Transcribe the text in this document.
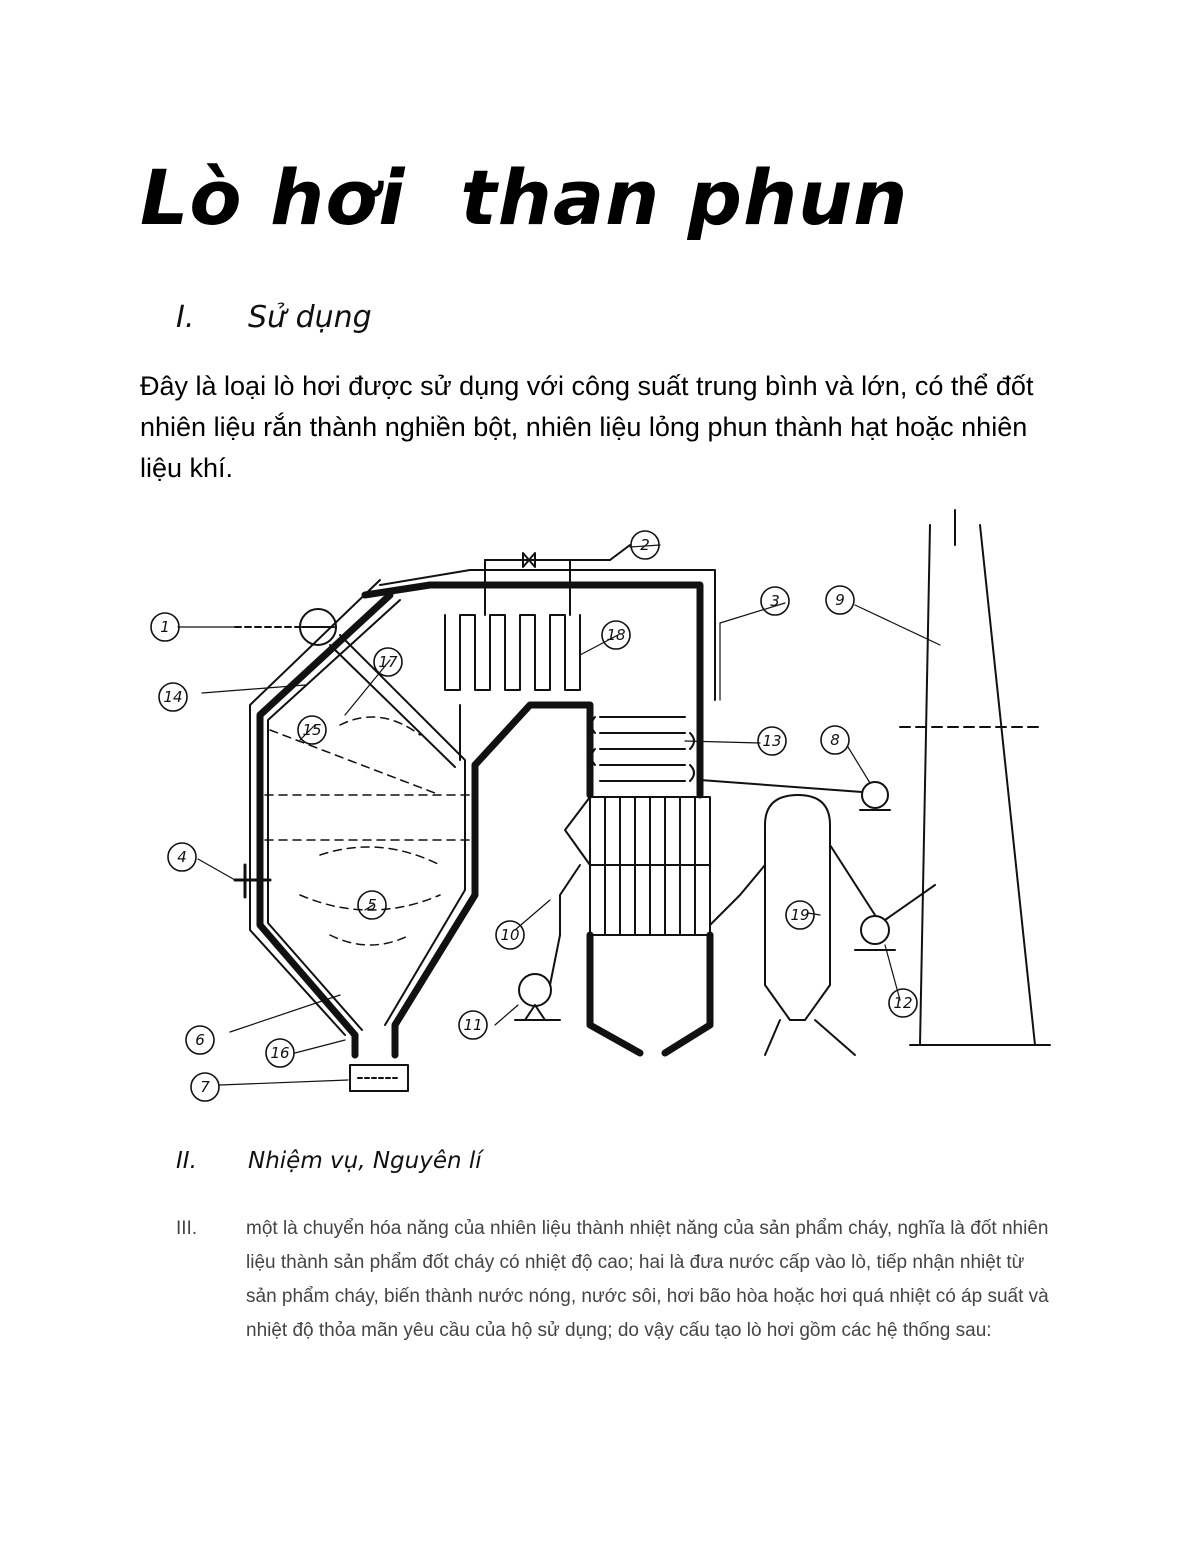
Lò hơi  than phun
I. Sử dụng
Đây là loại lò hơi được sử dụng với công suất trung bình và lớn, có thể đốt nhiên liệu rắn thành nghiền bột, nhiên liệu lỏng phun thành hạt hoặc nhiên liệu khí.
1
2
3
4
5
6
7
8
9
10
11
12
13
14
15
16
17
18
19
II. Nhiệm vụ, Nguyên lí
III.	một là chuyển hóa năng của nhiên liệu thành nhiệt năng của sản phẩm cháy, nghĩa là đốt nhiên liệu thành sản phẩm đốt cháy có nhiệt độ cao; hai là đưa nước cấp vào lò, tiếp nhận nhiệt từ sản phẩm cháy, biến thành nước nóng, nước sôi, hơi bão hòa hoặc hơi quá nhiệt có áp suất và nhiệt độ thỏa mãn yêu cầu của hộ sử dụng; do vậy cấu tạo lò hơi gồm các hệ thống sau:
